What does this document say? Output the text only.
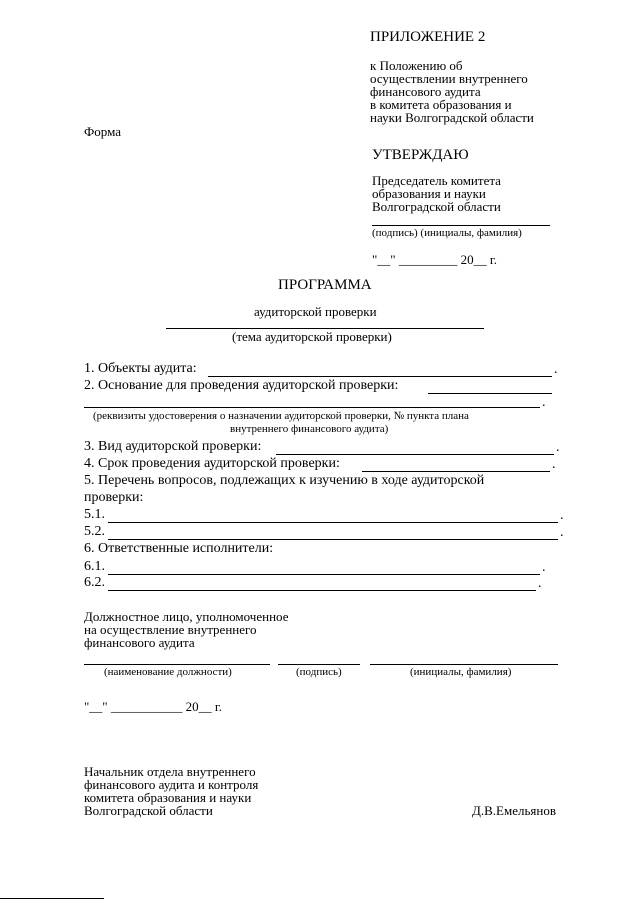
ПРИЛОЖЕНИЕ 2
к Положению об
осуществлении внутреннего
финансового аудита
в комитета образования и
науки Волгоградской области
Форма
УТВЕРЖДАЮ
Председатель комитета
образования и науки
Волгоградской области
(подпись) (инициалы, фамилия)
"__" _________ 20__ г.
ПРОГРАММА
аудиторской проверки
(тема аудиторской проверки)
1. Объекты аудита:	.
2. Основание для проведения аудиторской проверки:
.
(реквизиты удостоверения о назначении аудиторской проверки, № пункта плана
внутреннего финансового аудита)
3. Вид аудиторской проверки:	.
4. Срок проведения аудиторской проверки:	.
5. Перечень вопросов, подлежащих к изучению в ходе аудиторской
проверки:
5.1.	.
5.2.	.
6. Ответственные исполнители:
6.1.	.
6.2.	.
Должностное лицо, уполномоченное
на осуществление внутреннего
финансового аудита
(наименование должности)	(подпись)	(инициалы, фамилия)
"__" ___________ 20__ г.
Начальник отдела внутреннего
финансового аудита и контроля
комитета образования и науки
Волгоградской области	Д.В.Емельянов
